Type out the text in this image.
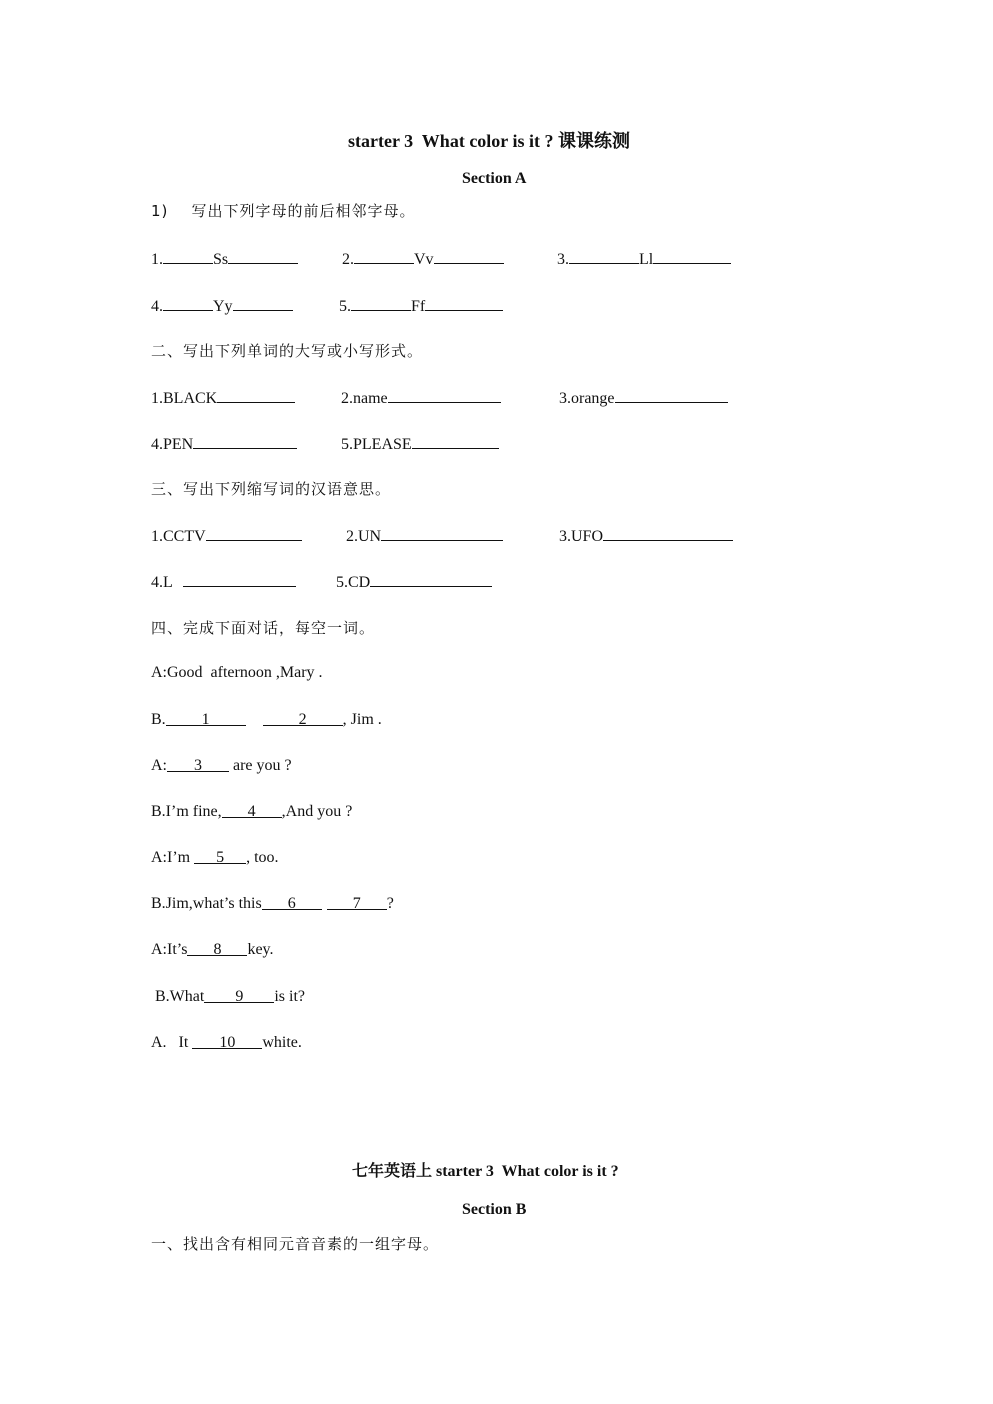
starter 3  What color is it ? 课课练测
Section A
1)    写出下列字母的前后相邻字母。
1.	Ss	2.	Vv	3.	Ll
4.	Yy	5.	Ff
二、写出下列单词的大写或小写形式。
1.BLACK	2.name	3.orange
4.PEN	5.PLEASE
三、写出下列缩写词的汉语意思。
1.CCTV	2.UN	3.UFO
4.L	5.CD
四、完成下面对话，每空一词。
A:Good  afternoon ,Mary .
B. 1	2 , Jim .
A: 3 are you ?
B.I’m fine, 4 ,And you ?
A:I’m 5 , too.
B.Jim,what’s this 6	7 ?
A:It’s 8 key.
B.What 9 is it?
A.   It 10 white.
七年英语上 starter 3  What color is it ?
Section B
一、找出含有相同元音音素的一组字母。
